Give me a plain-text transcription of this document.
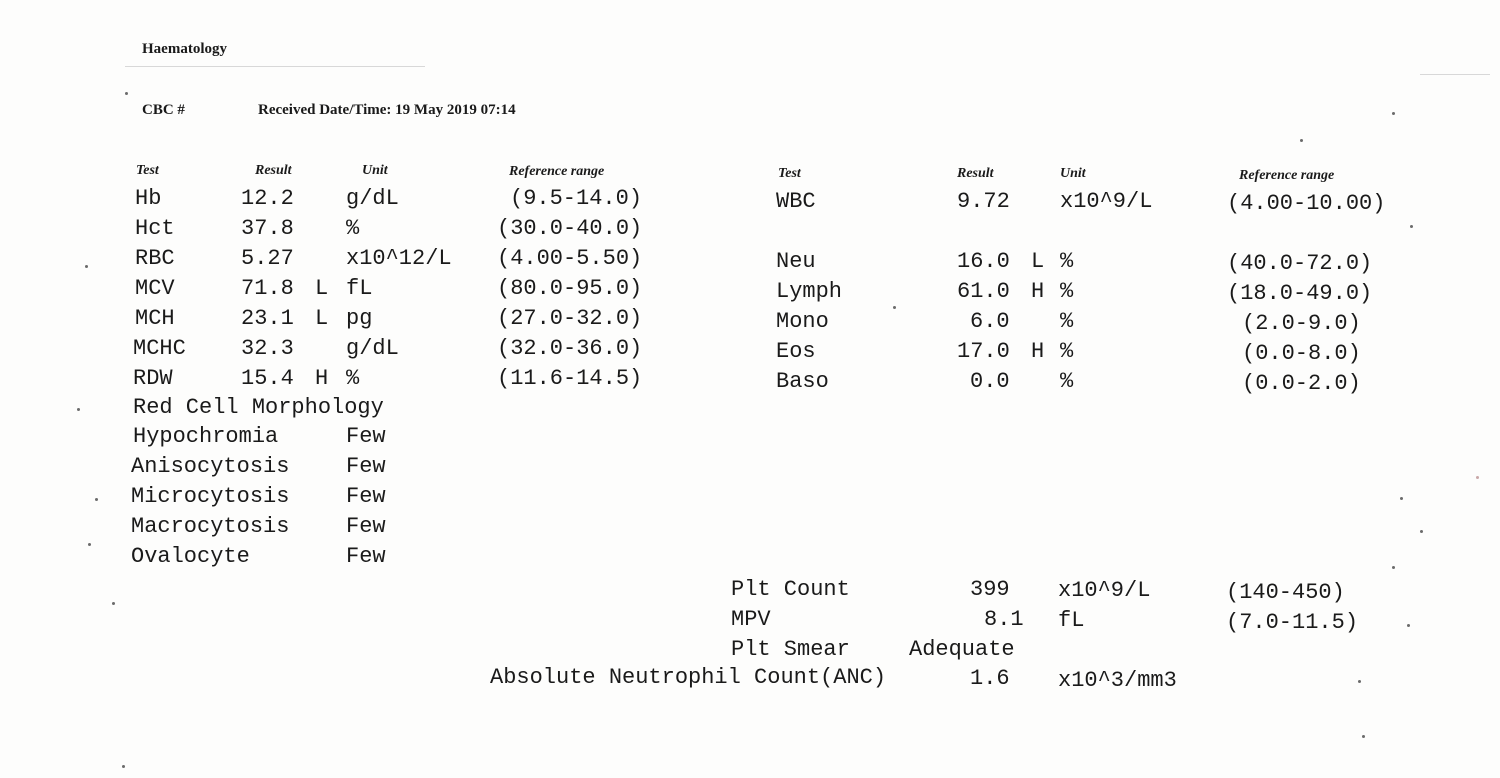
Haematology
CBC #	Received Date/Time: 19 May 2019 07:14
Test	Result	Unit	Reference range	Test	Result	Unit	Reference range
Hb	12.2 g/dL	(9.5-14.0)
Hct	37.8 %	(30.0-40.0)
RBC	5.27 x10^12/L (4.00-5.50)
MCV	71.8 L fL	(80.0-95.0)
MCH	23.1 L pg	(27.0-32.0)
MCHC	32.3 g/dL	(32.0-36.0)
RDW	15.4 H %	(11.6-14.5)
Red Cell Morphology
Hypochromia	Few
Anisocytosis	Few
Microcytosis	Few
Macrocytosis	Few
Ovalocyte	Few
WBC	9.72 x10^9/L	(4.00-10.00)
Neu	16.0 L %	(40.0-72.0)
Lymph	61.0 H %	(18.0-49.0)
Mono	6.0 %	(2.0-9.0)
Eos	17.0 H %	(0.0-8.0)
Baso	0.0 %	(0.0-2.0)
Plt Count	399 x10^9/L	(140-450)
MPV	8.1 fL	(7.0-11.5)
Plt Smear	Adequate
Absolute Neutrophil Count(ANC)	1.6 x10^3/mm3
